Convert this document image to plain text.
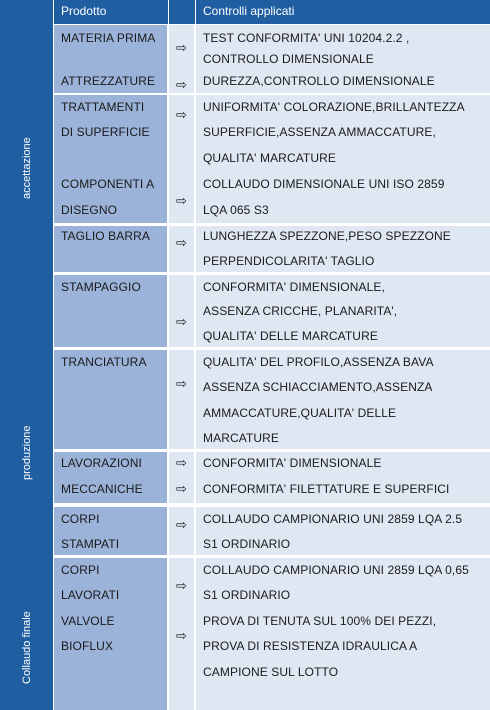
Prodotto	Controlli applicati
accettazione
produzione
Collaudo finale
MATERIA PRIMA
ATTREZZATURE
⇨
⇨
TEST CONFORMITA' UNI 10204.2.2 ,
CONTROLLO DIMENSIONALE
DUREZZA,CONTROLLO DIMENSIONALE
TRATTAMENTI
DI SUPERFICIE
COMPONENTI A
DISEGNO
⇨
⇨
UNIFORMITA' COLORAZIONE,BRILLANTEZZA
SUPERFICIE,ASSENZA AMMACCATURE,
QUALITA' MARCATURE
COLLAUDO DIMENSIONALE UNI ISO 2859
LQA 065 S3
TAGLIO BARRA ⇨ LUNGHEZZA SPEZZONE,PESO SPEZZONE
PERPENDICOLARITA' TAGLIO
STAMPAGGIO
⇨
CONFORMITA' DIMENSIONALE,
ASSENZA CRICCHE, PLANARITA',
QUALITA' DELLE MARCATURE
TRANCIATURA
⇨
QUALITA' DEL PROFILO,ASSENZA BAVA
ASSENZA SCHIACCIAMENTO,ASSENZA
AMMACCATURE,QUALITA' DELLE
MARCATURE
LAVORAZIONI
MECCANICHE
⇨
⇨
CONFORMITA' DIMENSIONALE
CONFORMITA' FILETTATURE E SUPERFICI
CORPI
STAMPATI
⇨ COLLAUDO CAMPIONARIO UNI 2859 LQA 2.5
S1 ORDINARIO
CORPI
LAVORATI
VALVOLE
BIOFLUX
⇨
⇨
COLLAUDO CAMPIONARIO UNI 2859 LQA 0,65
S1 ORDINARIO
PROVA DI TENUTA SUL 100% DEI PEZZI,
PROVA DI RESISTENZA IDRAULICA A
CAMPIONE SUL LOTTO
